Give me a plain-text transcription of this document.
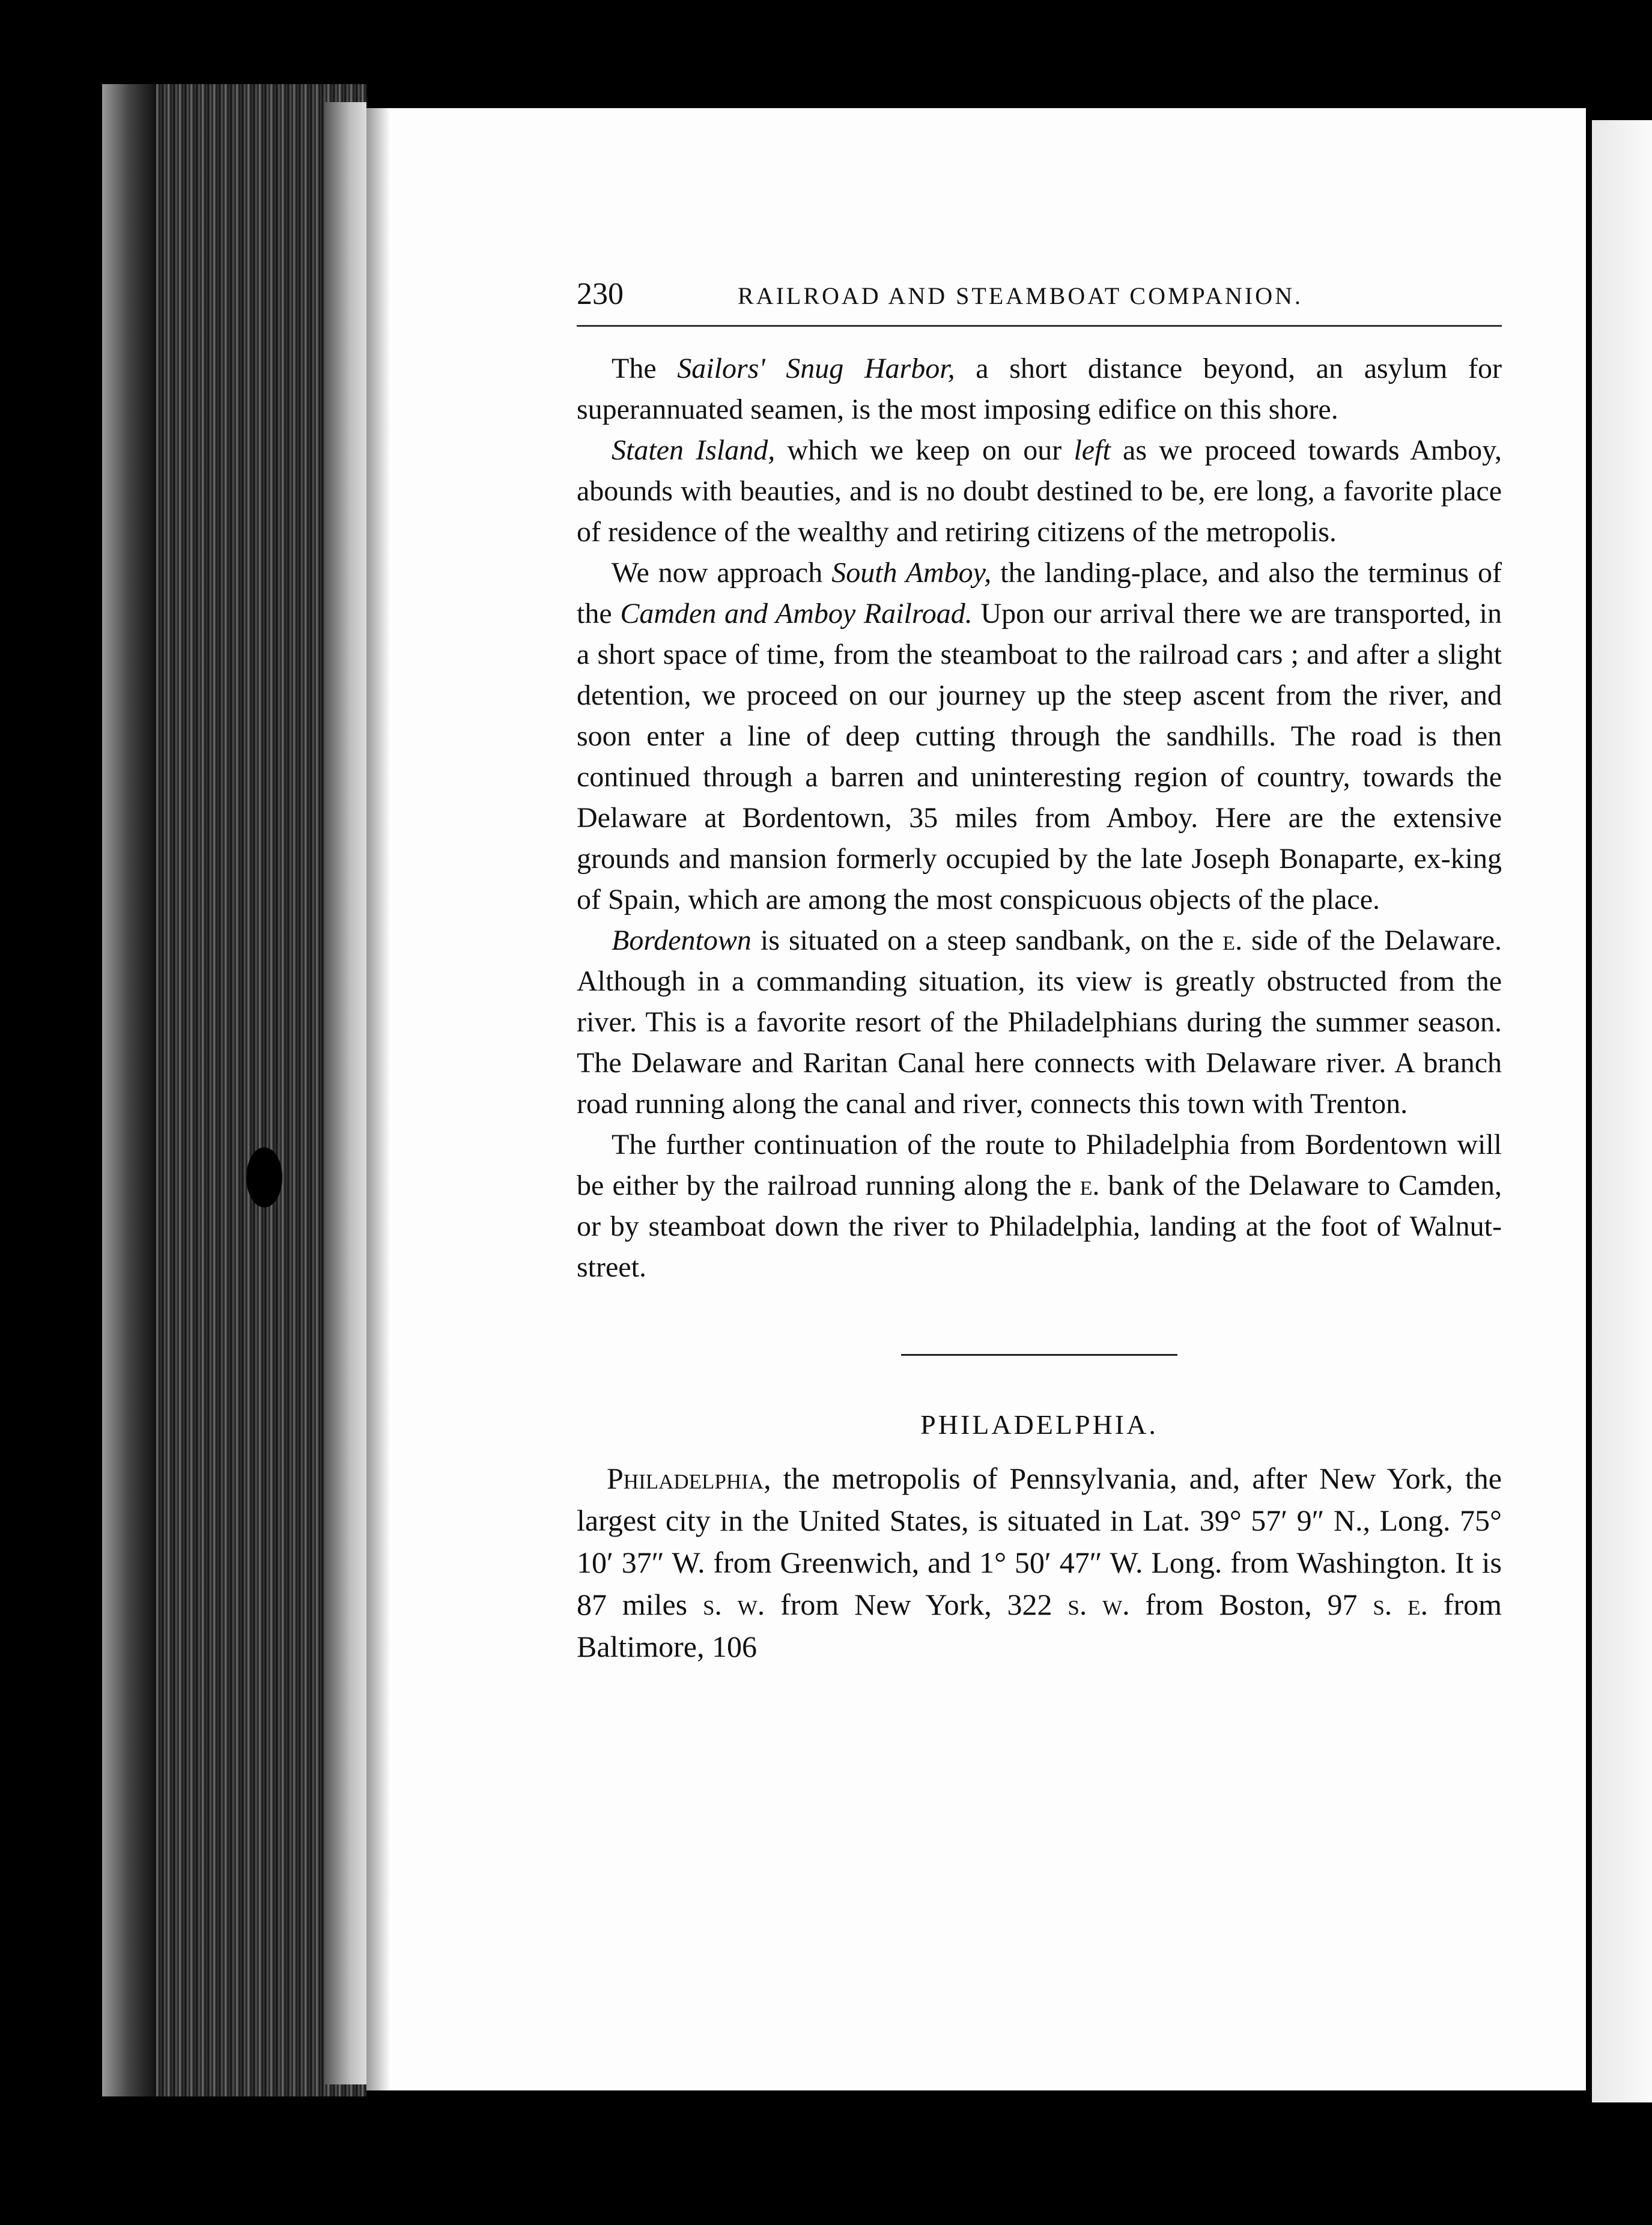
230	RAILROAD AND STEAMBOAT COMPANION.

The Sailors' Snug Harbor, a short distance beyond, an asylum for superannuated seamen, is the most imposing edifice on this shore.

Staten Island, which we keep on our left as we proceed towards Amboy, abounds with beauties, and is no doubt destined to be, ere long, a favorite place of residence of the wealthy and retiring citizens of the metropolis.

We now approach South Amboy, the landing-place, and also the terminus of the Camden and Amboy Railroad. Upon our arrival there we are transported, in a short space of time, from the steamboat to the railroad cars ; and after a slight detention, we proceed on our journey up the steep ascent from the river, and soon enter a line of deep cutting through the sandhills. The road is then continued through a barren and uninteresting region of country, towards the Delaware at Bordentown, 35 miles from Amboy. Here are the extensive grounds and mansion formerly occupied by the late Joseph Bonaparte, ex-king of Spain, which are among the most conspicuous objects of the place.

Bordentown is situated on a steep sandbank, on the e. side of the Delaware. Although in a commanding situation, its view is greatly obstructed from the river. This is a favorite resort of the Philadelphians during the summer season. The Delaware and Raritan Canal here connects with Delaware river. A branch road running along the canal and river, connects this town with Trenton.

The further continuation of the route to Philadelphia from Bordentown will be either by the railroad running along the e. bank of the Delaware to Camden, or by steamboat down the river to Philadelphia, landing at the foot of Walnut-street.

PHILADELPHIA.

Philadelphia, the metropolis of Pennsylvania, and, after New York, the largest city in the United States, is situated in Lat. 39° 57′ 9″ N., Long. 75° 10′ 37″ W. from Greenwich, and 1° 50′ 47″ W. Long. from Washington. It is 87 miles s. w. from New York, 322 s. w. from Boston, 97 s. e. from Baltimore, 106
